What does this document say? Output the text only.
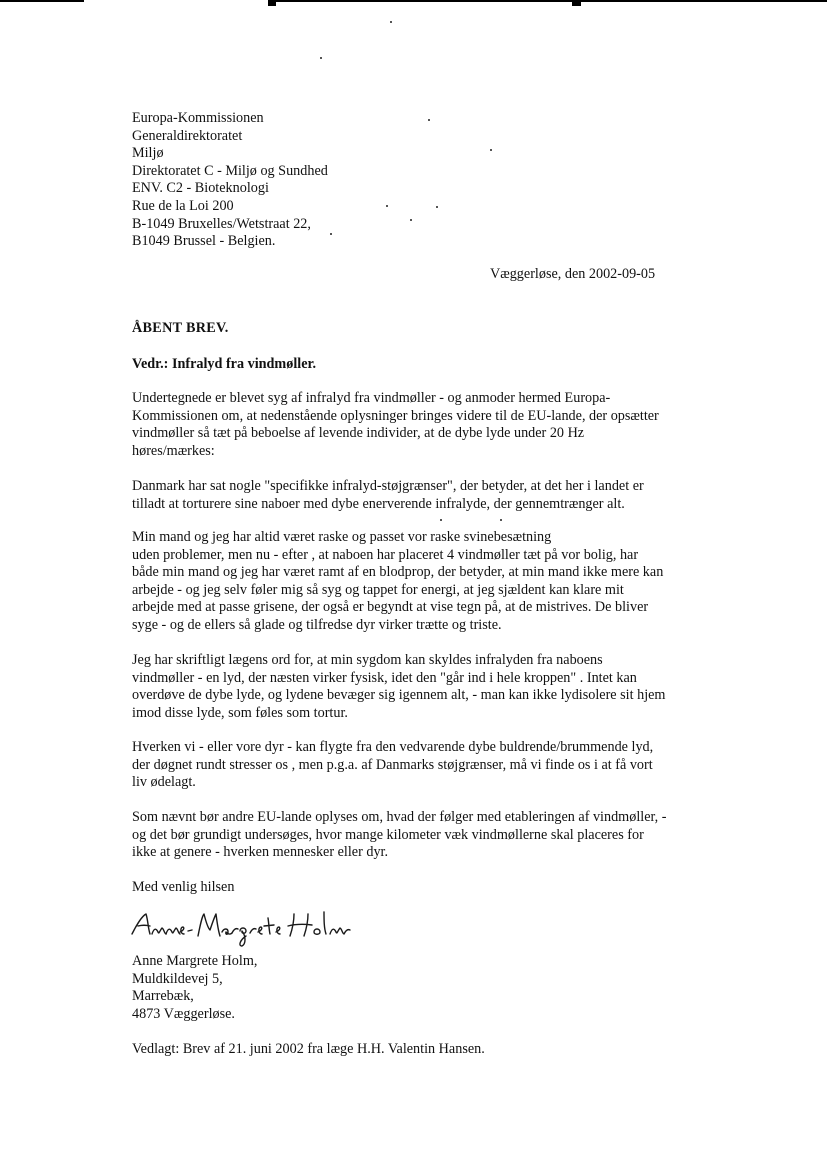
Europa-Kommissionen
Generaldirektoratet
Miljø
Direktoratet C - Miljø og Sundhed
ENV. C2 - Bioteknologi
Rue de la Loi 200
B-1049 Bruxelles/Wetstraat 22,
B1049 Brussel - Belgien.
Væggerløse, den 2002-09-05
ÅBENT BREV.
Vedr.: Infralyd fra vindmøller.
Undertegnede er blevet syg af infralyd fra vindmøller - og anmoder hermed Europa-
Kommissionen om, at nedenstående oplysninger bringes videre til de EU-lande, der opsætter
vindmøller så tæt på beboelse af levende individer, at de dybe lyde under 20 Hz
høres/mærkes:
Danmark har sat nogle "specifikke infralyd-støjgrænser", der betyder, at det her i landet er
tilladt at torturere sine naboer med dybe enerverende infralyde, der gennemtrænger alt.
Min mand og jeg har altid været raske og passet vor raske svinebesætning
uden problemer, men nu - efter , at naboen har placeret 4 vindmøller tæt på vor bolig, har
både min mand og jeg har været ramt af en blodprop, der betyder, at min mand ikke mere kan
arbejde - og jeg selv føler mig så syg og tappet for energi, at jeg sjældent kan klare mit
arbejde med at passe grisene, der også er begyndt at vise tegn på, at de mistrives. De bliver
syge - og de ellers så glade og tilfredse dyr virker trætte og triste.
Jeg har skriftligt lægens ord for, at min sygdom kan skyldes infralyden fra naboens
vindmøller - en lyd, der næsten virker fysisk, idet den "går ind i hele kroppen" . Intet kan
overdøve de dybe lyde, og lydene bevæger sig igennem alt, - man kan ikke lydisolere sit hjem
imod disse lyde, som føles som tortur.
Hverken vi - eller vore dyr - kan flygte fra den vedvarende dybe buldrende/brummende lyd,
der døgnet rundt stresser os , men p.g.a. af Danmarks støjgrænser, må vi finde os i at få vort
liv ødelagt.
Som nævnt bør andre EU-lande oplyses om, hvad der følger med etableringen af vindmøller, -
og det bør grundigt undersøges, hvor mange kilometer væk vindmøllerne skal placeres for
ikke at genere - hverken mennesker eller dyr.
Med venlig hilsen
Anne Margrete Holm,
Muldkildevej 5,
Marrebæk,
4873 Væggerløse.
Vedlagt: Brev af 21. juni 2002 fra læge H.H. Valentin Hansen.
